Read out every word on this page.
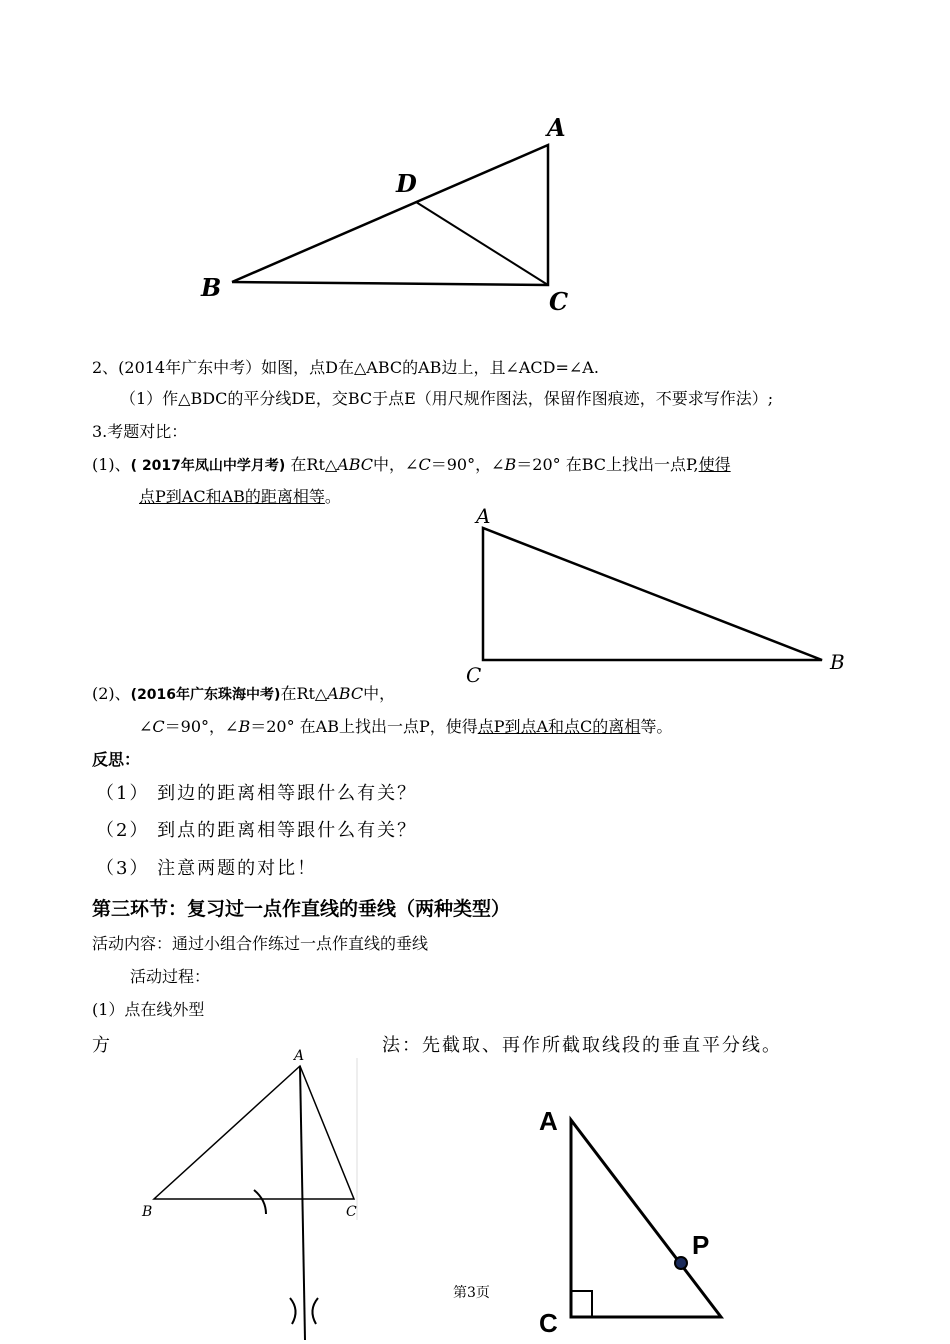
A
D
B	C
2、(2014年广东中考）如图，点D在△ABC的AB边上，且∠ACD=∠A.
（1）作△BDC的平分线DE，交BC于点E（用尺规作图法，保留作图痕迹，不要求写作法）;
3.考题对比：
(1)、( 2017年凤山中学月考) 在Rt△ABC中，∠C＝90°，∠B＝20° 在BC上找出一点P,使得
点P到AC和AB的距离相等。
A
C
B
(2)、(2016年广东珠海中考)在Rt△ABC中，
∠C＝90°，∠B＝20° 在AB上找出一点P，使得点P到点A和点C的离相等。
反思：
（1） 到边的距离相等跟什么有关？
（2） 到点的距离相等跟什么有关？
（3） 注意两题的对比！
第三环节：复习过一点作直线的垂线（两种类型）
活动内容：通过小组合作练过一点作直线的垂线
活动过程：
(1）点在线外型
方	法：先截取、再作所截取线段的垂直平分线。
A
B	C
A
P
C
第3页
